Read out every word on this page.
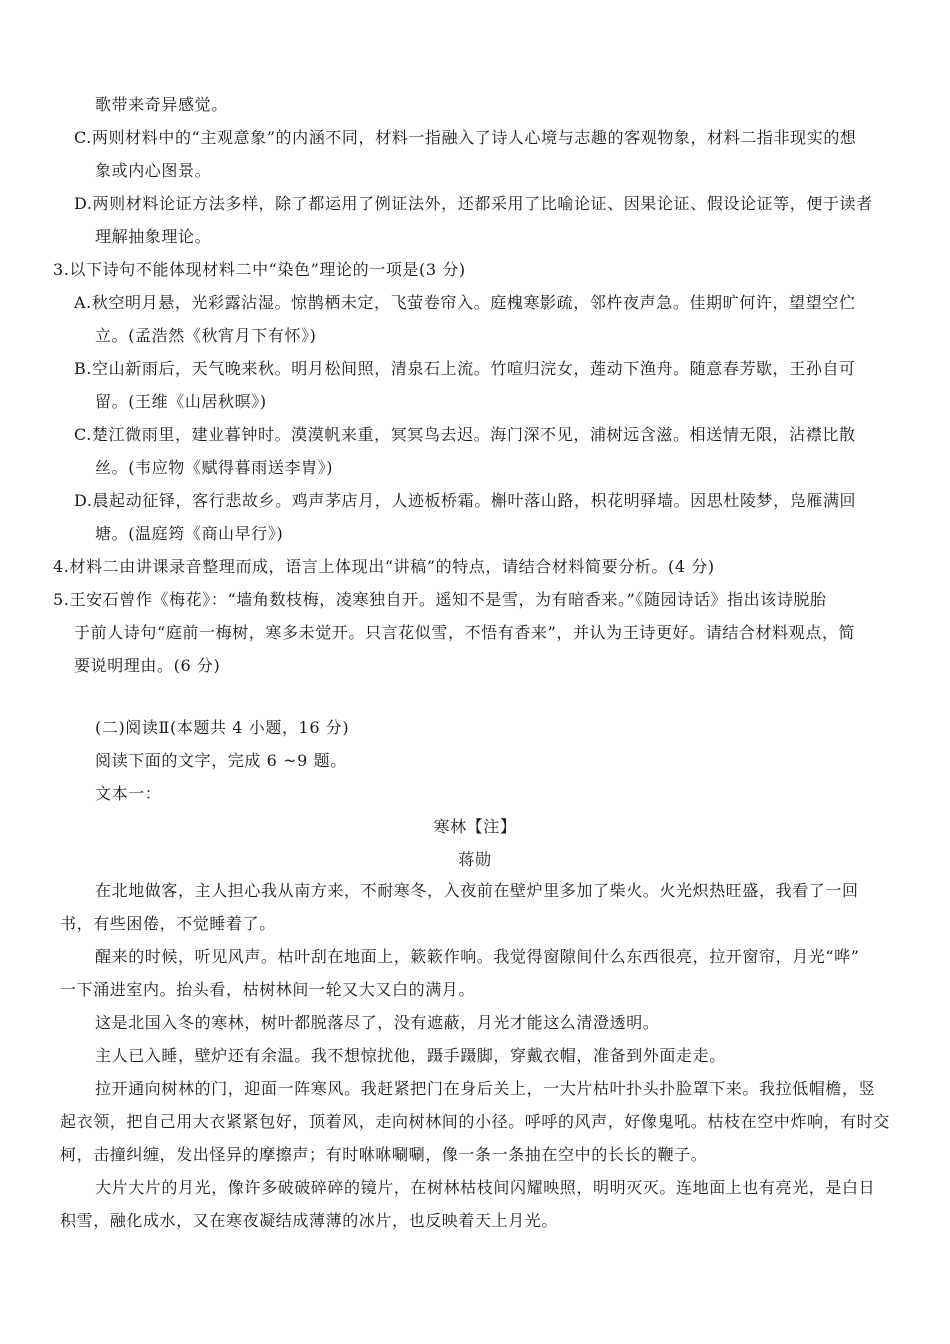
歌带来奇异感觉。
C.两则材料中的“主观意象”的内涵不同，材料一指融入了诗人心境与志趣的客观物象，材料二指非现实的想
象或内心图景。
D.两则材料论证方法多样，除了都运用了例证法外，还都采用了比喻论证、因果论证、假设论证等，便于读者
理解抽象理论。
3.以下诗句不能体现材料二中“染色”理论的一项是(3 分)
A.秋空明月悬，光彩露沾湿。惊鹊栖未定，飞萤卷帘入。庭槐寒影疏，邻杵夜声急。佳期旷何许，望望空伫
立。(孟浩然《秋宵月下有怀》)
B.空山新雨后，天气晚来秋。明月松间照，清泉石上流。竹喧归浣女，莲动下渔舟。随意春芳歇，王孙自可
留。(王维《山居秋暝》)
C.楚江微雨里，建业暮钟时。漠漠帆来重，冥冥鸟去迟。海门深不见，浦树远含滋。相送情无限，沾襟比散
丝。(韦应物《赋得暮雨送李胄》)
D.晨起动征铎，客行悲故乡。鸡声茅店月，人迹板桥霜。槲叶落山路，枳花明驿墙。因思杜陵梦，凫雁满回
塘。(温庭筠《商山早行》)
4.材料二由讲课录音整理而成，语言上体现出“讲稿”的特点，请结合材料简要分析。(4 分)
5.王安石曾作《梅花》：“墙角数枝梅，凌寒独自开。遥知不是雪，为有暗香来。”《随园诗话》指出该诗脱胎
于前人诗句“庭前一梅树，寒多未觉开。只言花似雪，不悟有香来”，并认为王诗更好。请结合材料观点，简
要说明理由。(6 分)
(二)阅读Ⅱ(本题共 4 小题，16 分)
阅读下面的文字，完成 6 ~9 题。
文本一：
寒林【注】
蒋勋
在北地做客，主人担心我从南方来，不耐寒冬，入夜前在壁炉里多加了柴火。火光炽热旺盛，我看了一回
书，有些困倦，不觉睡着了。
醒来的时候，听见风声。枯叶刮在地面上，簌簌作响。我觉得窗隙间什么东西很亮，拉开窗帘，月光“哗”
一下涌进室内。抬头看，枯树林间一轮又大又白的满月。
这是北国入冬的寒林，树叶都脱落尽了，没有遮蔽，月光才能这么清澄透明。
主人已入睡，壁炉还有余温。我不想惊扰他，蹑手蹑脚，穿戴衣帽，准备到外面走走。
拉开通向树林的门，迎面一阵寒风。我赶紧把门在身后关上，一大片枯叶扑头扑脸罩下来。我拉低帽檐，竖
起衣领，把自己用大衣紧紧包好，顶着风，走向树林间的小径。呼呼的风声，好像鬼吼。枯枝在空中炸响，有时交
柯，击撞纠缠，发出怪异的摩擦声；有时咻咻唰唰，像一条一条抽在空中的长长的鞭子。
大片大片的月光，像许多破破碎碎的镜片，在树林枯枝间闪耀映照，明明灭灭。连地面上也有亮光，是白日
积雪，融化成水，又在寒夜凝结成薄薄的冰片，也反映着天上月光。
